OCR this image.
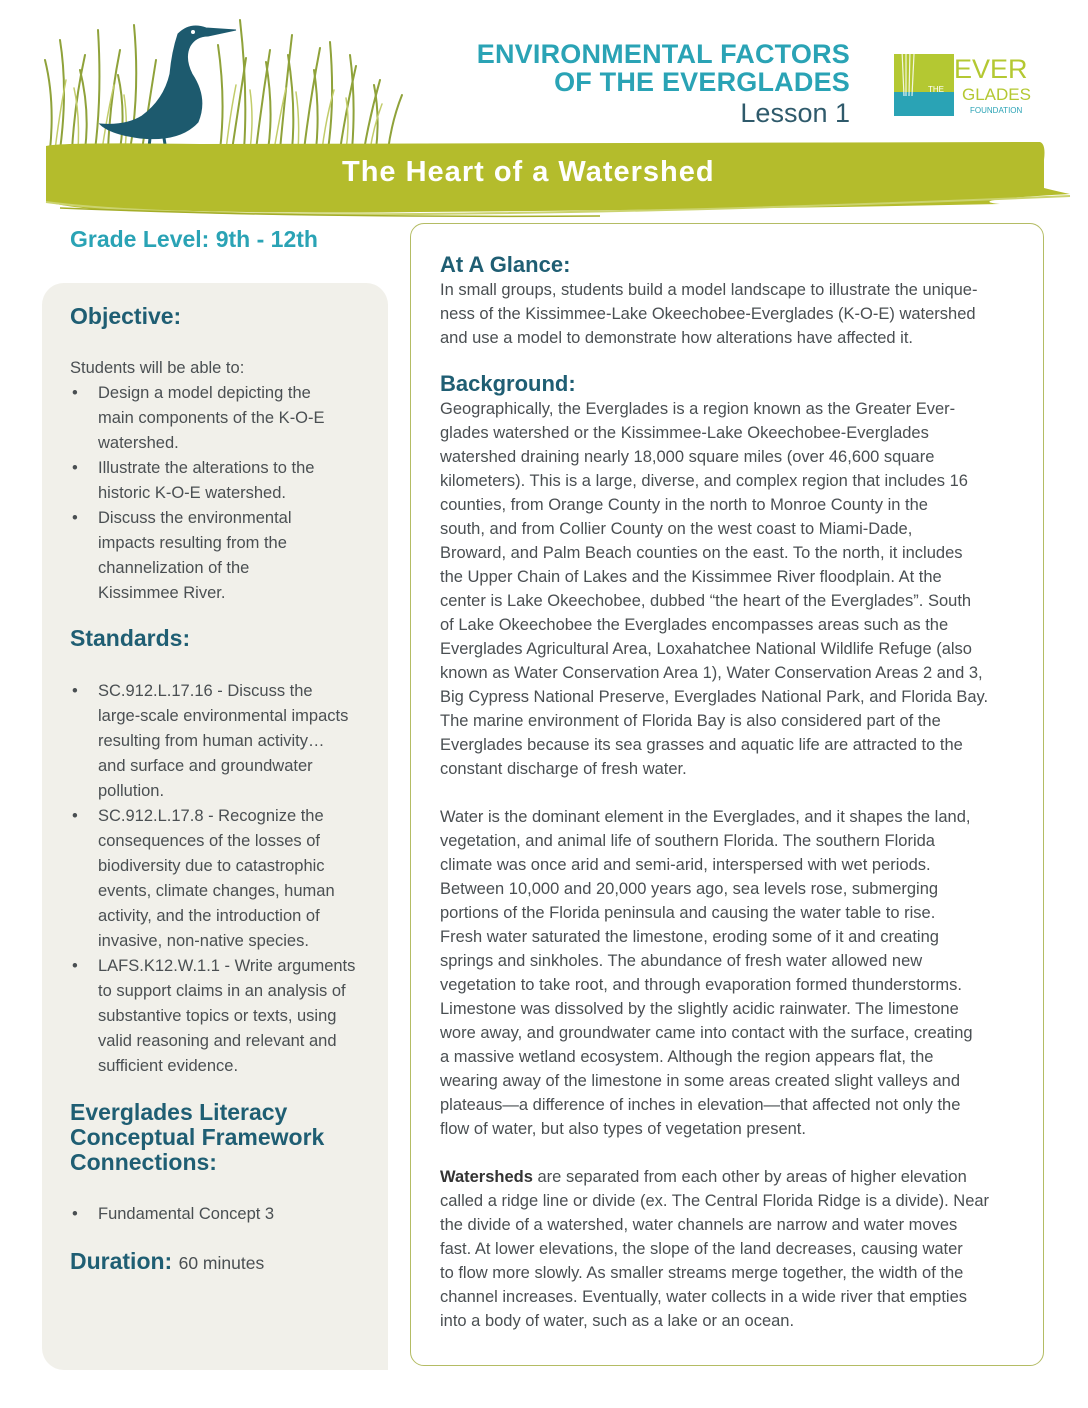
ENVIRONMENTAL FACTORS
OF THE EVERGLADES
Lesson 1
The Heart of a Watershed
THE
EVER
GLADES
FOUNDATION
Grade Level: 9th - 12th
Objective:
Students will be able to:
• Design a model depicting the
main components of the K-O-E
watershed.
• Illustrate the alterations to the
historic K-O-E watershed.
• Discuss the environmental
impacts resulting from the
channelization of the
Kissimmee River.
Standards:
• SC.912.L.17.16 - Discuss the
large-scale environmental impacts
resulting from human activity…
and surface and groundwater
pollution.
• SC.912.L.17.8 - Recognize the
consequences of the losses of
biodiversity due to catastrophic
events, climate changes, human
activity, and the introduction of
invasive, non-native species.
• LAFS.K12.W.1.1 - Write arguments
to support claims in an analysis of
substantive topics or texts, using
valid reasoning and relevant and
sufficient evidence.
Everglades Literacy
Conceptual Framework
Connections:
• Fundamental Concept 3
Duration: 60 minutes
At A Glance:
In small groups, students build a model landscape to illustrate the unique-
ness of the Kissimmee-Lake Okeechobee-Everglades (K-O-E) watershed
and use a model to demonstrate how alterations have affected it.
Background:
Geographically, the Everglades is a region known as the Greater Ever-
glades watershed or the Kissimmee-Lake Okeechobee-Everglades
watershed draining nearly 18,000 square miles (over 46,600 square
kilometers). This is a large, diverse, and complex region that includes 16
counties, from Orange County in the north to Monroe County in the
south, and from Collier County on the west coast to Miami-Dade,
Broward, and Palm Beach counties on the east. To the north, it includes
the Upper Chain of Lakes and the Kissimmee River floodplain. At the
center is Lake Okeechobee, dubbed “the heart of the Everglades”. South
of Lake Okeechobee the Everglades encompasses areas such as the
Everglades Agricultural Area, Loxahatchee National Wildlife Refuge (also
known as Water Conservation Area 1), Water Conservation Areas 2 and 3,
Big Cypress National Preserve, Everglades National Park, and Florida Bay.
The marine environment of Florida Bay is also considered part of the
Everglades because its sea grasses and aquatic life are attracted to the
constant discharge of fresh water.
Water is the dominant element in the Everglades, and it shapes the land,
vegetation, and animal life of southern Florida. The southern Florida
climate was once arid and semi-arid, interspersed with wet periods.
Between 10,000 and 20,000 years ago, sea levels rose, submerging
portions of the Florida peninsula and causing the water table to rise.
Fresh water saturated the limestone, eroding some of it and creating
springs and sinkholes. The abundance of fresh water allowed new
vegetation to take root, and through evaporation formed thunderstorms.
Limestone was dissolved by the slightly acidic rainwater. The limestone
wore away, and groundwater came into contact with the surface, creating
a massive wetland ecosystem. Although the region appears flat, the
wearing away of the limestone in some areas created slight valleys and
plateaus—a difference of inches in elevation—that affected not only the
flow of water, but also types of vegetation present.
Watersheds are separated from each other by areas of higher elevation
called a ridge line or divide (ex. The Central Florida Ridge is a divide). Near
the divide of a watershed, water channels are narrow and water moves
fast. At lower elevations, the slope of the land decreases, causing water
to flow more slowly. As smaller streams merge together, the width of the
channel increases. Eventually, water collects in a wide river that empties
into a body of water, such as a lake or an ocean.
